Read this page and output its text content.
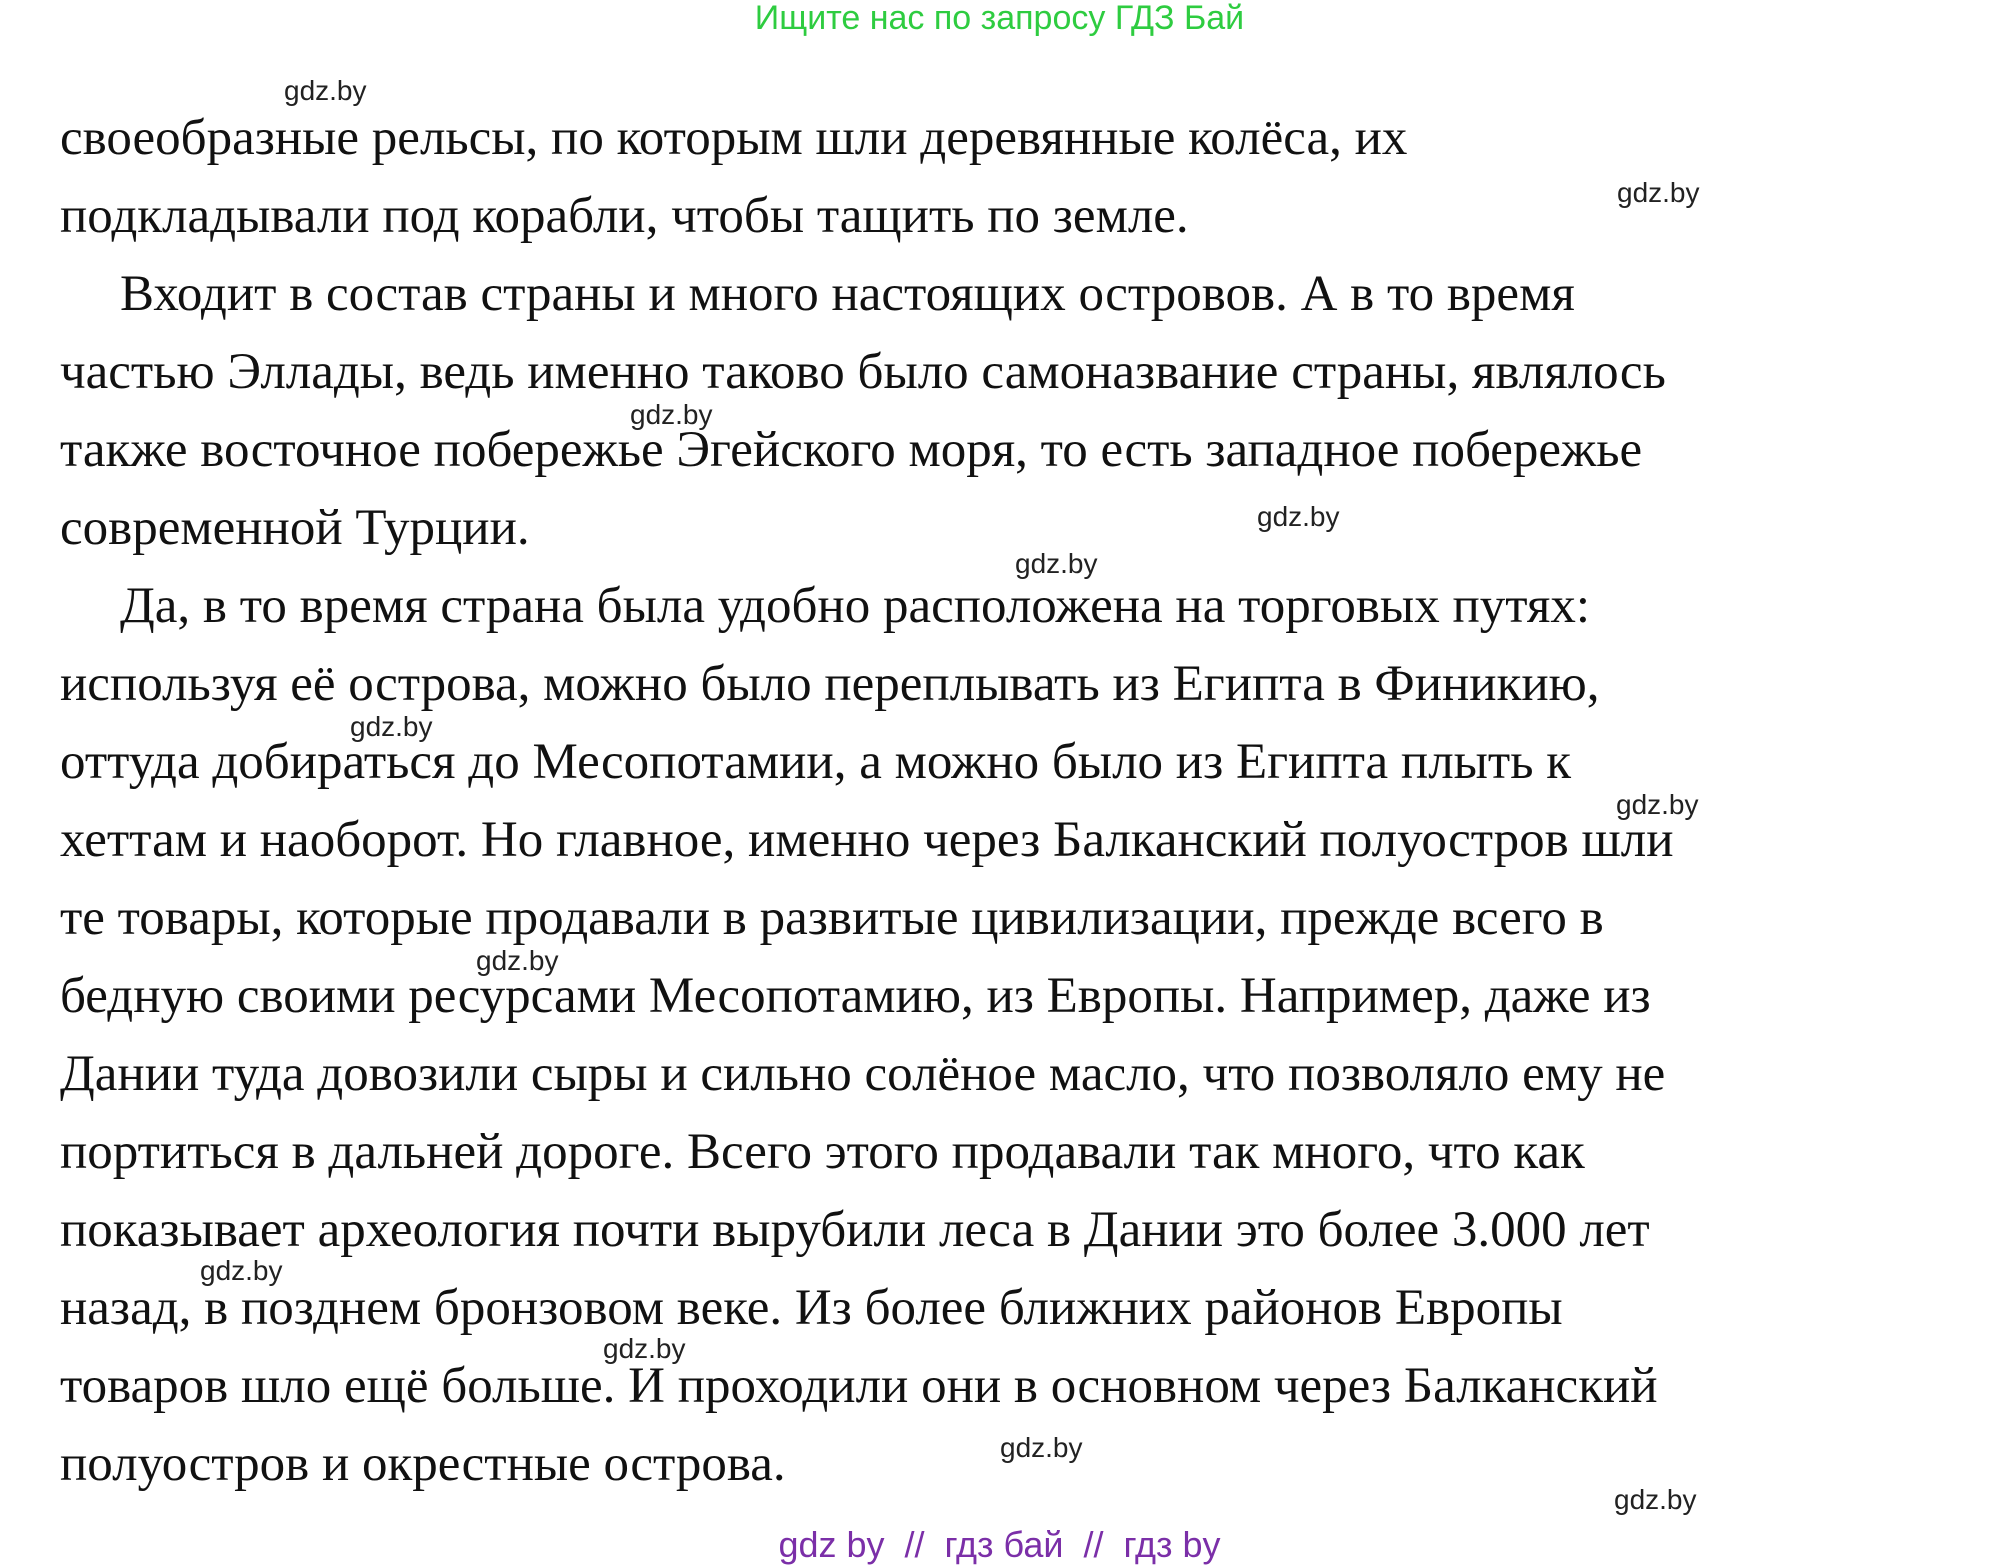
Ищите нас по запросу ГДЗ Бай
своеобразные рельсы, по которым шли деревянные колёса, их
подкладывали под корабли, чтобы тащить по земле.
Входит в состав страны и много настоящих островов. А в то время
частью Эллады, ведь именно таково было самоназвание страны, являлось
также восточное побережье Эгейского моря, то есть западное побережье
современной Турции.
Да, в то время страна была удобно расположена на торговых путях:
используя её острова, можно было переплывать из Египта в Финикию,
оттуда добираться до Месопотамии, а можно было из Египта плыть к
хеттам и наоборот. Но главное, именно через Балканский полуостров шли
те товары, которые продавали в развитые цивилизации, прежде всего в
бедную своими ресурсами Месопотамию, из Европы. Например, даже из
Дании туда довозили сыры и сильно солёное масло, что позволяло ему не
портиться в дальней дороге. Всего этого продавали так много, что как
показывает археология почти вырубили леса в Дании это более 3.000 лет
назад, в позднем бронзовом веке. Из более ближних районов Европы
товаров шло ещё больше. И проходили они в основном через Балканский
полуостров и окрестные острова.
gdz.by
gdz.by
gdz.by
gdz.by
gdz.by
gdz.by
gdz.by
gdz.by
gdz.by
gdz.by
gdz.by
gdz.by
gdz by  //  гдз бай  //  гдз by
